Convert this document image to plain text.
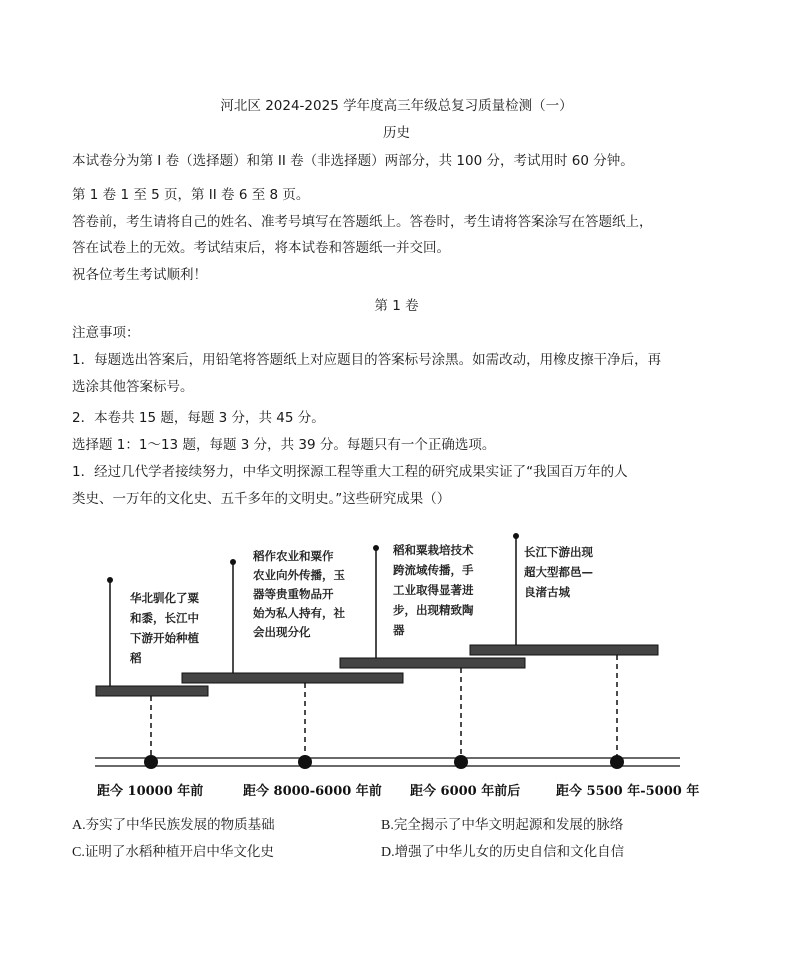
河北区 2024-2025 学年度高三年级总复习质量检测（一）
历史
本试卷分为第 I 卷（选择题）和第 II 卷（非选择题）两部分，共 100 分，考试用时 60 分钟。
第 1 卷 1 至 5 页，第 II 卷 6 至 8 页。
答卷前，考生请将自己的姓名、准考号填写在答题纸上。答卷时，考生请将答案涂写在答题纸上，
答在试卷上的无效。考试结束后，将本试卷和答题纸一并交回。
祝各位考生考试顺利！
第 1 卷
注意事项：
1．每题选出答案后，用铅笔将答题纸上对应题目的答案标号涂黑。如需改动，用橡皮擦干净后，再
选涂其他答案标号。
2．本卷共 15 题，每题 3 分，共 45 分。
选择题 1：1～13 题，每题 3 分，共 39 分。每题只有一个正确选项。
1．经过几代学者接续努力，中华文明探源工程等重大工程的研究成果实证了“我国百万年的人
类史、一万年的文化史、五千多年的文明史。”这些研究成果（）
华北驯化了粟 和黍，长江中 下游开始种植 稻
稻作农业和粟作 农业向外传播，玉 器等贵重物品开 始为私人持有，社 会出现分化
稻和粟栽培技术 跨流域传播，手 工业取得显著进 步，出现精致陶 器
长江下游出现 超大型都邑— 良渚古城
距今 10000 年前	距今 8000-6000 年前 距今 6000 年前后	距今 5500 年-5000 年
A.夯实了中华民族发展的物质基础	B.完全揭示了中华文明起源和发展的脉络
C.证明了水稻种植开启中华文化史	D.增强了中华儿女的历史自信和文化自信
